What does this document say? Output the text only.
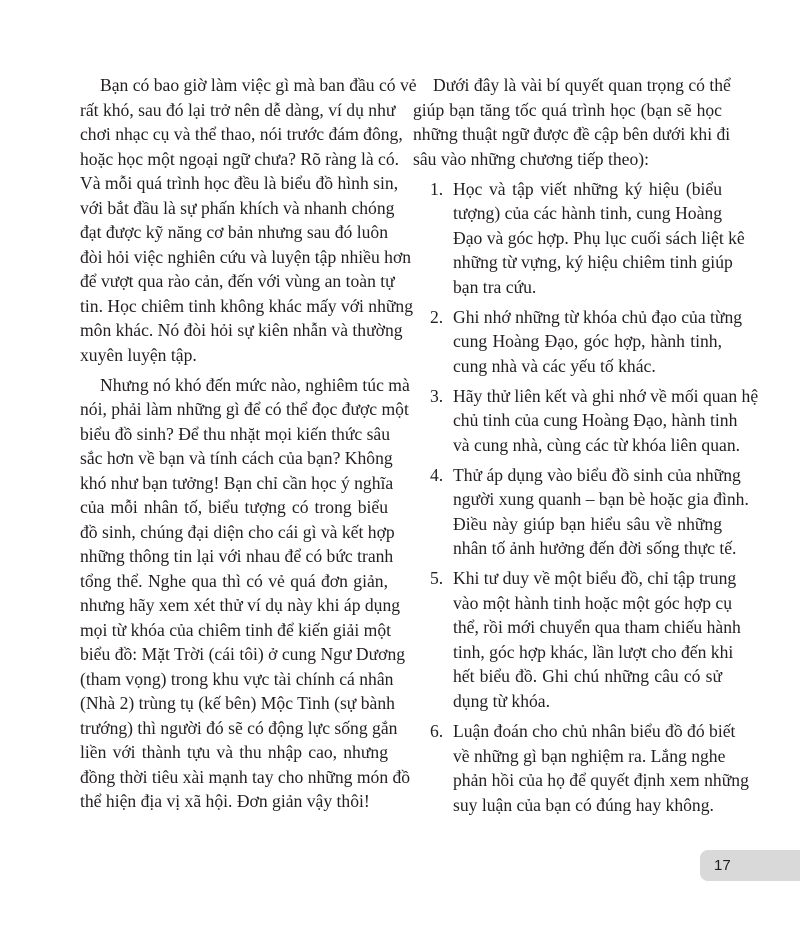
Bạn có bao giờ làm việc gì mà ban đầu có vẻ
rất khó, sau đó lại trở nên dễ dàng, ví dụ như
chơi nhạc cụ và thể thao, nói trước đám đông,
hoặc học một ngoại ngữ chưa? Rõ ràng là có.
Và mỗi quá trình học đều là biểu đồ hình sin,
với bắt đầu là sự phấn khích và nhanh chóng
đạt được kỹ năng cơ bản nhưng sau đó luôn
đòi hỏi việc nghiên cứu và luyện tập nhiều hơn
để vượt qua rào cản, đến với vùng an toàn tự
tin. Học chiêm tinh không khác mấy với những
môn khác. Nó đòi hỏi sự kiên nhẫn và thường
xuyên luyện tập.
Nhưng nó khó đến mức nào, nghiêm túc mà
nói, phải làm những gì để có thể đọc được một
biểu đồ sinh? Để thu nhặt mọi kiến thức sâu
sắc hơn về bạn và tính cách của bạn? Không
khó như bạn tưởng! Bạn chỉ cần học ý nghĩa
của mỗi nhân tố, biểu tượng có trong biểu
đồ sinh, chúng đại diện cho cái gì và kết hợp
những thông tin lại với nhau để có bức tranh
tổng thể. Nghe qua thì có vẻ quá đơn giản,
nhưng hãy xem xét thử ví dụ này khi áp dụng
mọi từ khóa của chiêm tinh để kiến giải một
biểu đồ: Mặt Trời (cái tôi) ở cung Ngư Dương
(tham vọng) trong khu vực tài chính cá nhân
(Nhà 2) trùng tụ (kế bên) Mộc Tinh (sự bành
trướng) thì người đó sẽ có động lực sống gắn
liền với thành tựu và thu nhập cao, nhưng
đồng thời tiêu xài mạnh tay cho những món đồ
thể hiện địa vị xã hội. Đơn giản vậy thôi!
Dưới đây là vài bí quyết quan trọng có thể
giúp bạn tăng tốc quá trình học (bạn sẽ học
những thuật ngữ được đề cập bên dưới khi đi
sâu vào những chương tiếp theo):
1. Học và tập viết những ký hiệu (biểu
tượng) của các hành tinh, cung Hoàng
Đạo và góc hợp. Phụ lục cuối sách liệt kê
những từ vựng, ký hiệu chiêm tinh giúp
bạn tra cứu.
2. Ghi nhớ những từ khóa chủ đạo của từng
cung Hoàng Đạo, góc hợp, hành tinh,
cung nhà và các yếu tố khác.
3. Hãy thử liên kết và ghi nhớ về mối quan hệ
chủ tinh của cung Hoàng Đạo, hành tinh
và cung nhà, cùng các từ khóa liên quan.
4. Thử áp dụng vào biểu đồ sinh của những
người xung quanh – bạn bè hoặc gia đình.
Điều này giúp bạn hiểu sâu về những
nhân tố ảnh hưởng đến đời sống thực tế.
5. Khi tư duy về một biểu đồ, chỉ tập trung
vào một hành tinh hoặc một góc hợp cụ
thể, rồi mới chuyển qua tham chiếu hành
tinh, góc hợp khác, lần lượt cho đến khi
hết biểu đồ. Ghi chú những câu có sử
dụng từ khóa.
6. Luận đoán cho chủ nhân biểu đồ đó biết
về những gì bạn nghiệm ra. Lắng nghe
phản hồi của họ để quyết định xem những
suy luận của bạn có đúng hay không.
17
